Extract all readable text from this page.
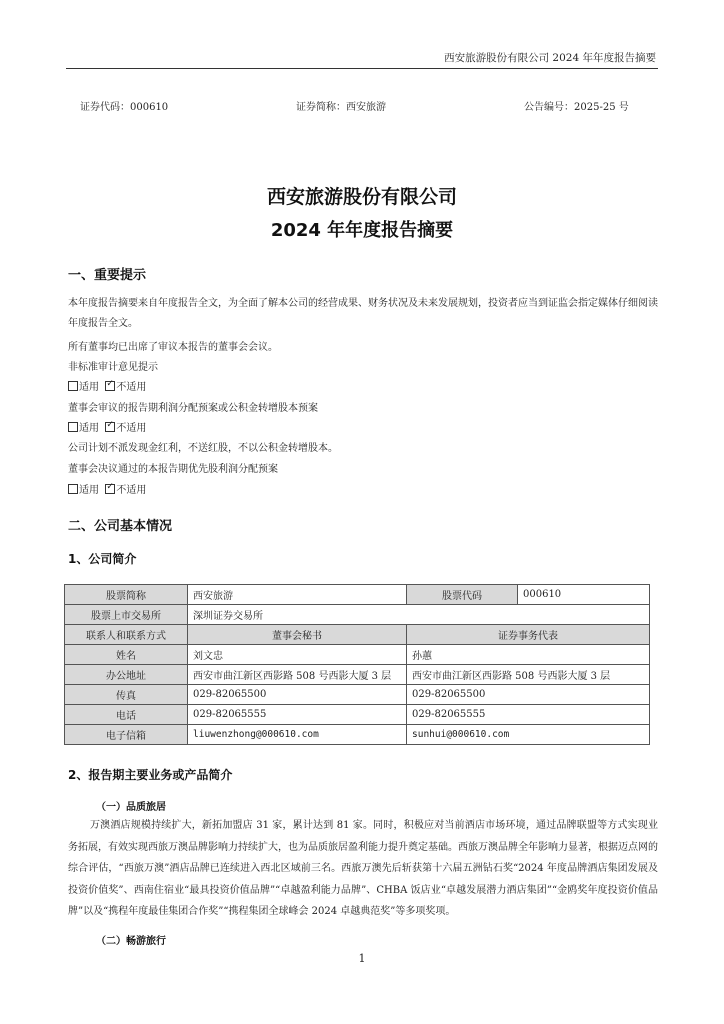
西安旅游股份有限公司 2024 年年度报告摘要
证券代码：000610	证券简称：西安旅游	公告编号：2025-25 号
西安旅游股份有限公司
2024 年年度报告摘要
一、重要提示
本年度报告摘要来自年度报告全文，为全面了解本公司的经营成果、财务状况及未来发展规划，投资者应当到证监会指定媒体仔细阅读年度报告全文。
所有董事均已出席了审议本报告的董事会会议。
非标准审计意见提示
适用 ✓ 不适用
董事会审议的报告期利润分配预案或公积金转增股本预案
适用 ✓ 不适用
公司计划不派发现金红利，不送红股，不以公积金转增股本。
董事会决议通过的本报告期优先股利润分配预案
适用 ✓ 不适用
二、公司基本情况
1、公司简介
股票简称	西安旅游	股票代码	000610
股票上市交易所	深圳证券交易所		
联系人和联系方式	董事会秘书	证券事务代表	
姓名	刘文忠	孙蕙	
办公地址	西安市曲江新区西影路 508 号西影大厦 3 层	西安市曲江新区西影路 508 号西影大厦 3 层	
传真	029-82065500	029-82065500	
电话	029-82065555	029-82065555	
电子信箱	liuwenzhong@000610.com	sunhui@000610.com	
2、报告期主要业务或产品简介
（一）品质旅居
万澳酒店规模持续扩大，新拓加盟店 31 家，累计达到 81 家。同时，积极应对当前酒店市场环境，通过品牌联盟等方式实现业务拓展，有效实现西旅万澳品牌影响力持续扩大，也为品质旅居盈利能力提升奠定基础。西旅万澳品牌全年影响力显著，根据迈点网的综合评估，“西旅万澳”酒店品牌已连续进入西北区域前三名。西旅万澳先后斩获第十六届五洲钻石奖“2024 年度品牌酒店集团发展及投资价值奖”、西南住宿业“最具投资价值品牌”“卓越盈利能力品牌”、CHBA 饭店业“卓越发展潜力酒店集团”“金鸥奖年度投资价值品牌”以及“携程年度最佳集团合作奖”“携程集团全球峰会 2024 卓越典范奖”等多项奖项。
（二）畅游旅行
1
